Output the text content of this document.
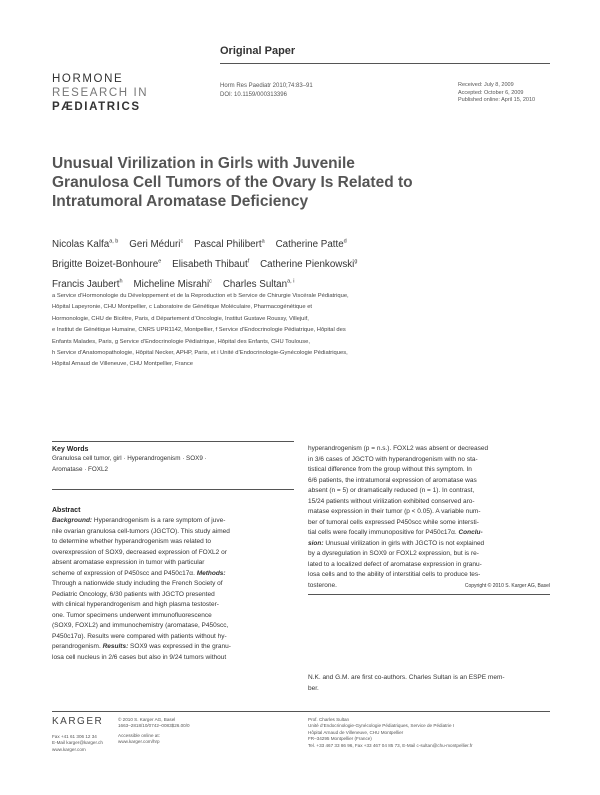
Original Paper
HORMONE
RESEARCH IN
PÆDIATRICS
Horm Res Paediatr 2010;74:83–91
DOI: 10.1159/000313396
Received: July 8, 2009
Accepted: October 6, 2009
Published online: April 15, 2010
Unusual Virilization in Girls with Juvenile
Granulosa Cell Tumors of the Ovary Is Related to
Intratumoral Aromatase Deficiency
Nicolas Kalfa$^{a, b}$ Geri Méduri$^c$ Pascal Philibert$^a$ Catherine Patte$^d$
Brigitte Boizet-Bonhoure$^e$ Elisabeth Thibaut$^f$ Catherine Pienkowski$^g$
Francis Jaubert$^h$ Micheline Misrahi$^c$ Charles Sultan$^{a, i}$
a Service d’Hormonologie du Développement et de la Reproduction et b Service de Chirurgie Viscérale Pédiatrique,
Hôpital Lapeyronie, CHU Montpellier, c Laboratoire de Génétique Moléculaire, Pharmacogénétique et
Hormonologie, CHU de Bicêtre, Paris, d Département d’Oncologie, Institut Gustave Roussy, Villejuif,
e Institut de Génétique Humaine, CNRS UPR1142, Montpellier, f Service d’Endocrinologie Pédiatrique, Hôpital des
Enfants Malades, Paris, g Service d’Endocrinologie Pédiatrique, Hôpital des Enfants, CHU Toulouse,
h Service d’Anatomopathologie, Hôpital Necker, APHP, Paris, et i Unité d’Endocrinologie-Gynécologie Pédiatriques,
Hôpital Arnaud de Villeneuve, CHU Montpellier, France
Key Words
Granulosa cell tumor, girl · Hyperandrogenism · SOX9 ·
Aromatase · FOXL2
Abstract
Background: Hyperandrogenism is a rare symptom of juve-
nile ovarian granulosa cell-tumors (JGCTO). This study aimed
to determine whether hyperandrogenism was related to
overexpression of SOX9, decreased expression of FOXL2 or
absent aromatase expression in tumor with particular
scheme of expression of P450scc and P450c17α. Methods:
Through a nationwide study including the French Society of
Pediatric Oncology, 6/30 patients with JGCTO presented
with clinical hyperandrogenism and high plasma testoster-
one. Tumor specimens underwent immunofluorescence
(SOX9, FOXL2) and immunochemistry (aromatase, P450scc,
P450c17α). Results were compared with patients without hy-
perandrogenism. Results: SOX9 was expressed in the granu-
losa cell nucleus in 2/6 cases but also in 9/24 tumors without
hyperandrogenism (p = n.s.). FOXL2 was absent or decreased
in 3/6 cases of JGCTO with hyperandrogenism with no sta-
tistical difference from the group without this symptom. In
6/6 patients, the intratumoral expression of aromatase was
absent (n = 5) or dramatically reduced (n = 1). In contrast,
15/24 patients without virilization exhibited conserved aro-
matase expression in their tumor (p < 0.05). A variable num-
ber of tumoral cells expressed P450scc while some intersti-
tial cells were focally immunopositive for P450c17α. Conclu-
sion: Unusual virilization in girls with JGCTO is not explained
by a dysregulation in SOX9 or FOXL2 expression, but is re-
lated to a localized defect of aromatase expression in granu-
losa cells and to the ability of interstitial cells to produce tes-
tosterone.	Copyright © 2010 S. Karger AG, Basel
N.K. and G.M. are first co-authors. Charles Sultan is an ESPE mem-
ber.
KARGER
Fax +41 61 306 12 34
E-Mail karger@karger.ch
www.karger.com
© 2010 S. Karger AG, Basel
1663–2818/10/0742–0083$26.00/0
Accessible online at:
www.karger.com/hrp
Prof. Charles Sultan
Unité d’Endocrinologie-Gynécologie Pédiatriques, Service de Pédiatrie I
Hôpital Arnaud de Villeneuve, CHU Montpellier
FR–34295 Montpellier (France)
Tel. +33 467 33 86 96, Fax +33 467 04 85 73, E-Mail c-sultan@chu-montpellier.fr
